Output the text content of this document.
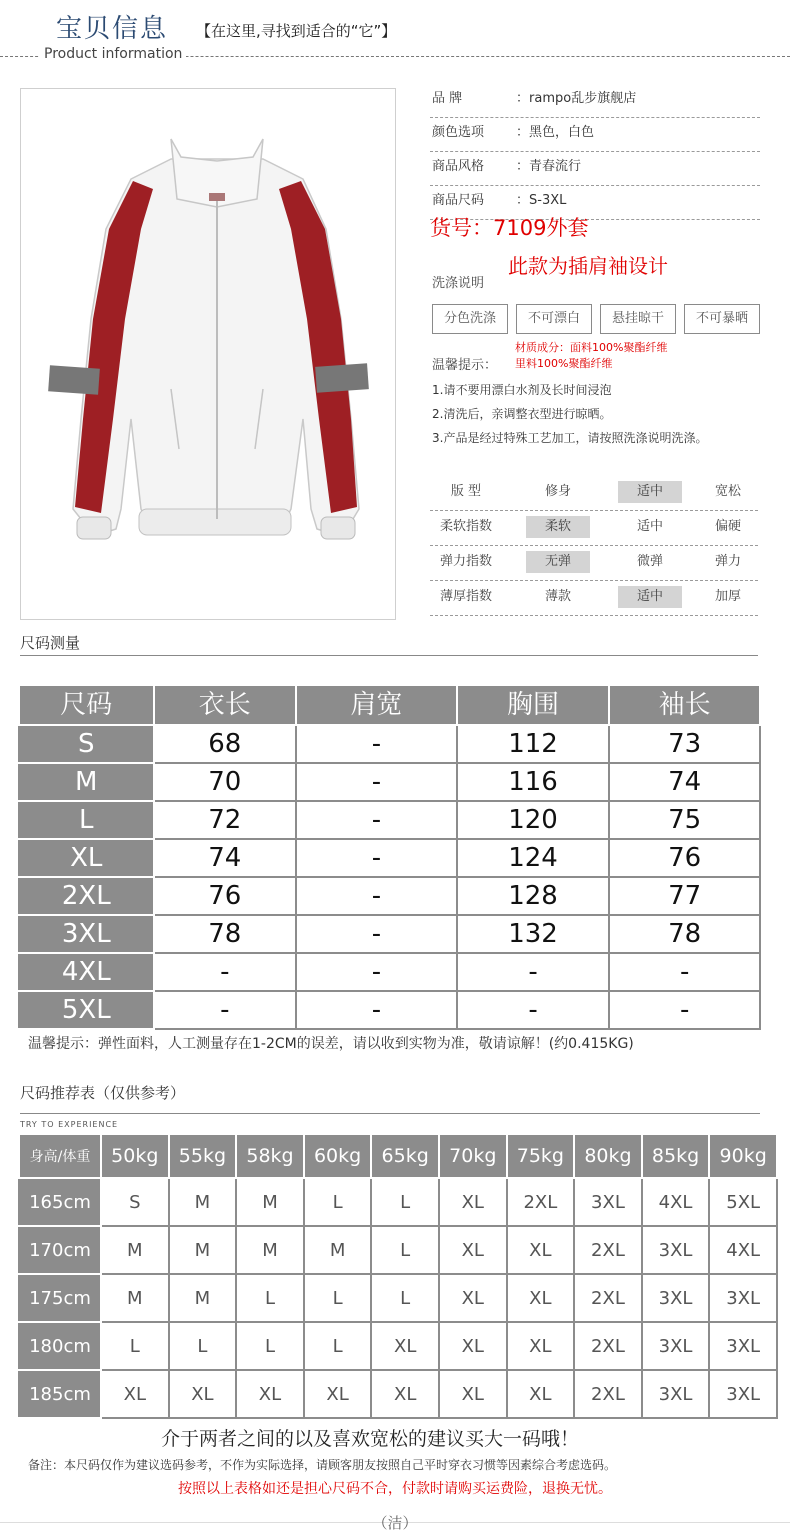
宝贝信息 【在这里,寻找到适合的“它”】
Product information
品 牌	：rampo乱步旗舰店
颜色选项 ：黑色，白色
商品风格 ：青春流行
商品尺码 ：S-3XL
货号：7109外套
此款为插肩袖设计
洗涤说明
分色洗涤	不可漂白	悬挂晾干	不可暴晒
温馨提示：
材质成分：面料100%聚酯纤维
里料100%聚酯纤维
1.请不要用漂白水剂及长时间浸泡
2.清洗后，亲调整衣型进行晾晒。
3.产品是经过特殊工艺加工，请按照洗涤说明洗涤。
版 型	修身	适中	宽松
柔软指数	柔软	适中	偏硬
弹力指数	无弹	微弹	弹力
薄厚指数	薄款	适中	加厚
尺码测量
尺码	衣长	肩宽	胸围	袖长
S	68	-	112	73
M	70	-	116	74
L	72	-	120	75
XL	74	-	124	76
2XL	76	-	128	77
3XL	78	-	132	78
4XL	-	-	-	-
5XL	-	-	-	-
温馨提示：弹性面料，人工测量存在1-2CM的误差，请以收到实物为准，敬请谅解！(约0.415KG)
尺码推荐表（仅供参考）
TRY TO EXPERIENCE
身高/体重	50kg	55kg	58kg	60kg	65kg	70kg	75kg	80kg	85kg	90kg
165cm	S	M	M	L	L	XL	2XL	3XL	4XL	5XL
170cm	M	M	M	M	L	XL	XL	2XL	3XL	4XL
175cm	M	M	L	L	L	XL	XL	2XL	3XL	3XL
180cm	L	L	L	L	XL	XL	XL	2XL	3XL	3XL
185cm	XL	XL	XL	XL	XL	XL	XL	2XL	3XL	3XL
介于两者之间的以及喜欢宽松的建议买大一码哦！
备注：本尺码仅作为建议选码参考，不作为实际选择，请顾客朋友按照自己平时穿衣习惯等因素综合考虑选码。
按照以上表格如还是担心尺码不合，付款时请购买运费险，退换无忧。
（洁）
